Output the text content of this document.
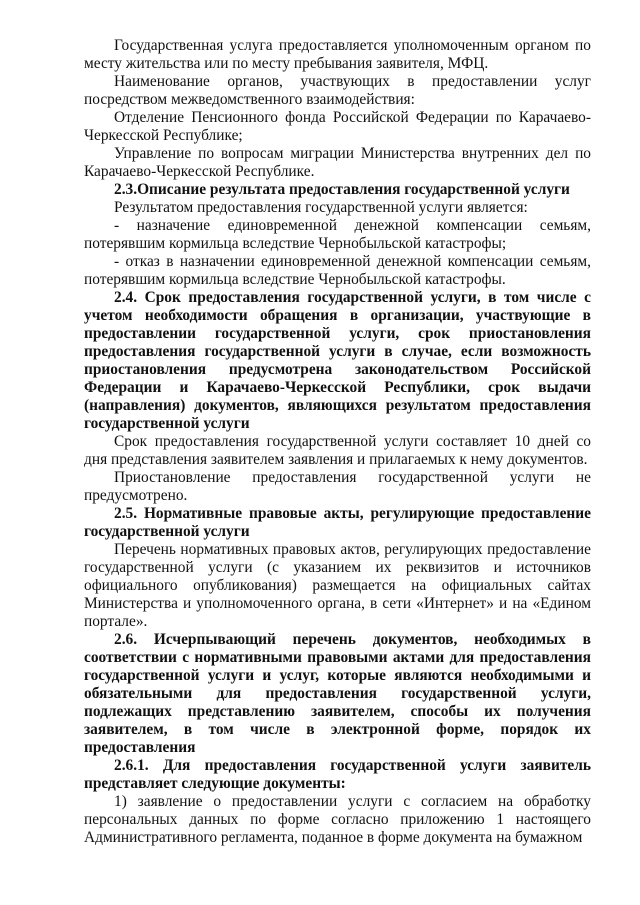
Государственная услуга предоставляется уполномоченным органом по месту жительства или по месту пребывания заявителя, МФЦ.

Наименование органов, участвующих в предоставлении услуг посредством межведомственного взаимодействия:

Отделение Пенсионного фонда Российской Федерации по Карачаево-Черкесской Республике;

Управление по вопросам миграции Министерства внутренних дел по Карачаево-Черкесской Республике.

2.3.Описание результата предоставления государственной услуги

Результатом предоставления государственной услуги является:

- назначение единовременной денежной компенсации семьям, потерявшим кормильца вследствие Чернобыльской катастрофы;

- отказ в назначении единовременной денежной компенсации семьям, потерявшим кормильца вследствие Чернобыльской катастрофы.

2.4. Срок предоставления государственной услуги, в том числе с учетом необходимости обращения в организации, участвующие в предоставлении государственной услуги, срок приостановления предоставления государственной услуги в случае, если возможность приостановления предусмотрена законодательством Российской Федерации и Карачаево-Черкесской Республики, срок выдачи (направления) документов, являющихся результатом предоставления государственной услуги

Срок предоставления государственной услуги составляет 10 дней со дня представления заявителем заявления и прилагаемых к нему документов.

Приостановление предоставления государственной услуги не предусмотрено.

2.5. Нормативные правовые акты, регулирующие предоставление государственной услуги

Перечень нормативных правовых актов, регулирующих предоставление государственной услуги (с указанием их реквизитов и источников официального опубликования) размещается на официальных сайтах Министерства и уполномоченного органа, в сети «Интернет» и на «Едином портале».

2.6. Исчерпывающий перечень документов, необходимых в соответствии с нормативными правовыми актами для предоставления государственной услуги и услуг, которые являются необходимыми и обязательными для предоставления государственной услуги, подлежащих представлению заявителем, способы их получения заявителем, в том числе в электронной форме, порядок их предоставления

2.6.1. Для предоставления государственной услуги заявитель представляет следующие документы:

1) заявление о предоставлении услуги с согласием на обработку персональных данных по форме согласно приложению 1 настоящего Административного регламента, поданное в форме документа на бумажном
